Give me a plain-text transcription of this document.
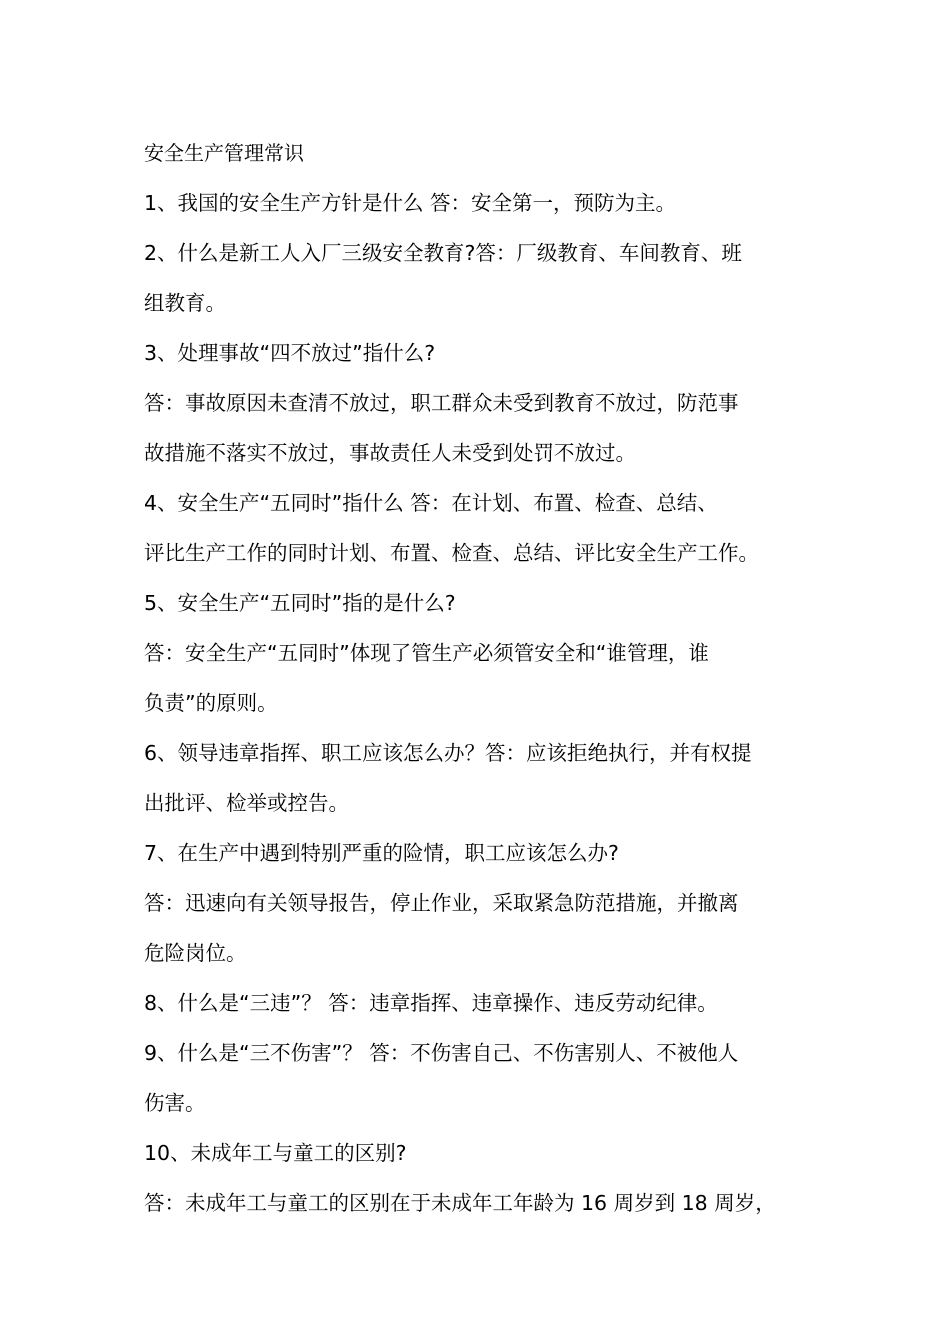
安全生产管理常识
1、我国的安全生产方针是什么 答：安全第一，预防为主。
2、什么是新工人入厂三级安全教育?答：厂级教育、车间教育、班
组教育。
3、处理事故“四不放过”指什么?
答：事故原因未查清不放过，职工群众未受到教育不放过，防范事
故措施不落实不放过，事故责任人未受到处罚不放过。
4、安全生产“五同时”指什么 答：在计划、布置、检查、总结、
评比生产工作的同时计划、布置、检查、总结、评比安全生产工作。
5、安全生产“五同时”指的是什么?
答：安全生产“五同时”体现了管生产必须管安全和“谁管理，谁
负责”的原则。
6、领导违章指挥、职工应该怎么办？答：应该拒绝执行，并有权提
出批评、检举或控告。
7、在生产中遇到特别严重的险情，职工应该怎么办?
答：迅速向有关领导报告，停止作业，采取紧急防范措施，并撤离
危险岗位。
8、什么是“三违”？ 答：违章指挥、违章操作、违反劳动纪律。
9、什么是“三不伤害”？ 答：不伤害自己、不伤害别人、不被他人
伤害。
10、未成年工与童工的区别?
答：未成年工与童工的区别在于未成年工年龄为 16 周岁到 18 周岁，
